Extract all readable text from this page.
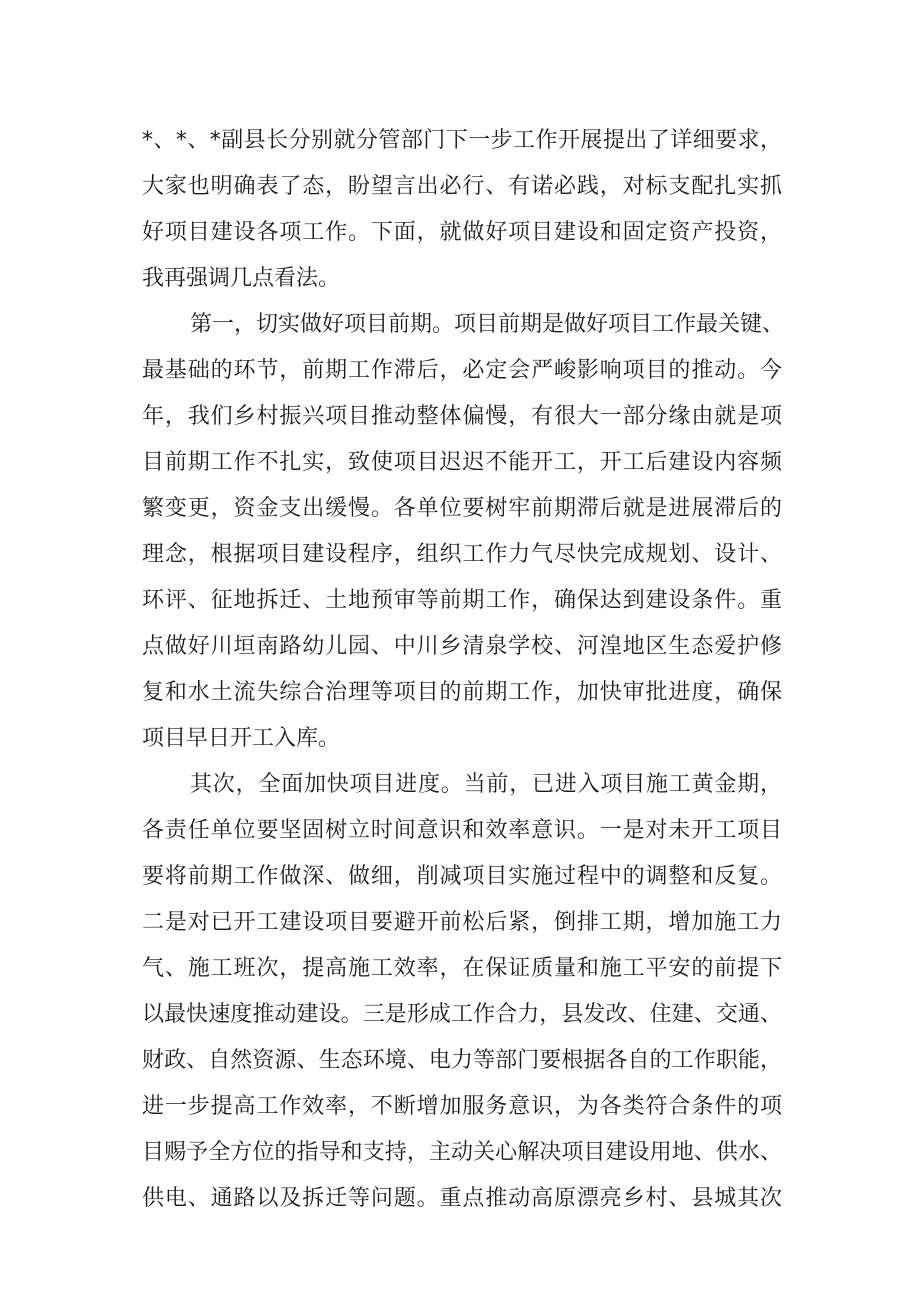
*、*、*副县长分别就分管部门下一步工作开展提出了详细要求，
大家也明确表了态，盼望言出必行、有诺必践，对标支配扎实抓
好项目建设各项工作。下面，就做好项目建设和固定资产投资，
我再强调几点看法。
第一，切实做好项目前期。项目前期是做好项目工作最关键、
最基础的环节，前期工作滞后，必定会严峻影响项目的推动。今
年，我们乡村振兴项目推动整体偏慢，有很大一部分缘由就是项
目前期工作不扎实，致使项目迟迟不能开工，开工后建设内容频
繁变更，资金支出缓慢。各单位要树牢前期滞后就是进展滞后的
理念，根据项目建设程序，组织工作力气尽快完成规划、设计、
环评、征地拆迁、土地预审等前期工作，确保达到建设条件。重
点做好川垣南路幼儿园、中川乡清泉学校、河湟地区生态爱护修
复和水土流失综合治理等项目的前期工作，加快审批进度，确保
项目早日开工入库。
其次，全面加快项目进度。当前，已进入项目施工黄金期，
各责任单位要坚固树立时间意识和效率意识。一是对未开工项目
要将前期工作做深、做细，削减项目实施过程中的调整和反复。
二是对已开工建设项目要避开前松后紧，倒排工期，增加施工力
气、施工班次，提高施工效率，在保证质量和施工平安的前提下
以最快速度推动建设。三是形成工作合力，县发改、住建、交通、
财政、自然资源、生态环境、电力等部门要根据各自的工作职能，
进一步提高工作效率，不断增加服务意识，为各类符合条件的项
目赐予全方位的指导和支持，主动关心解决项目建设用地、供水、
供电、通路以及拆迁等问题。重点推动高原漂亮乡村、县城其次
